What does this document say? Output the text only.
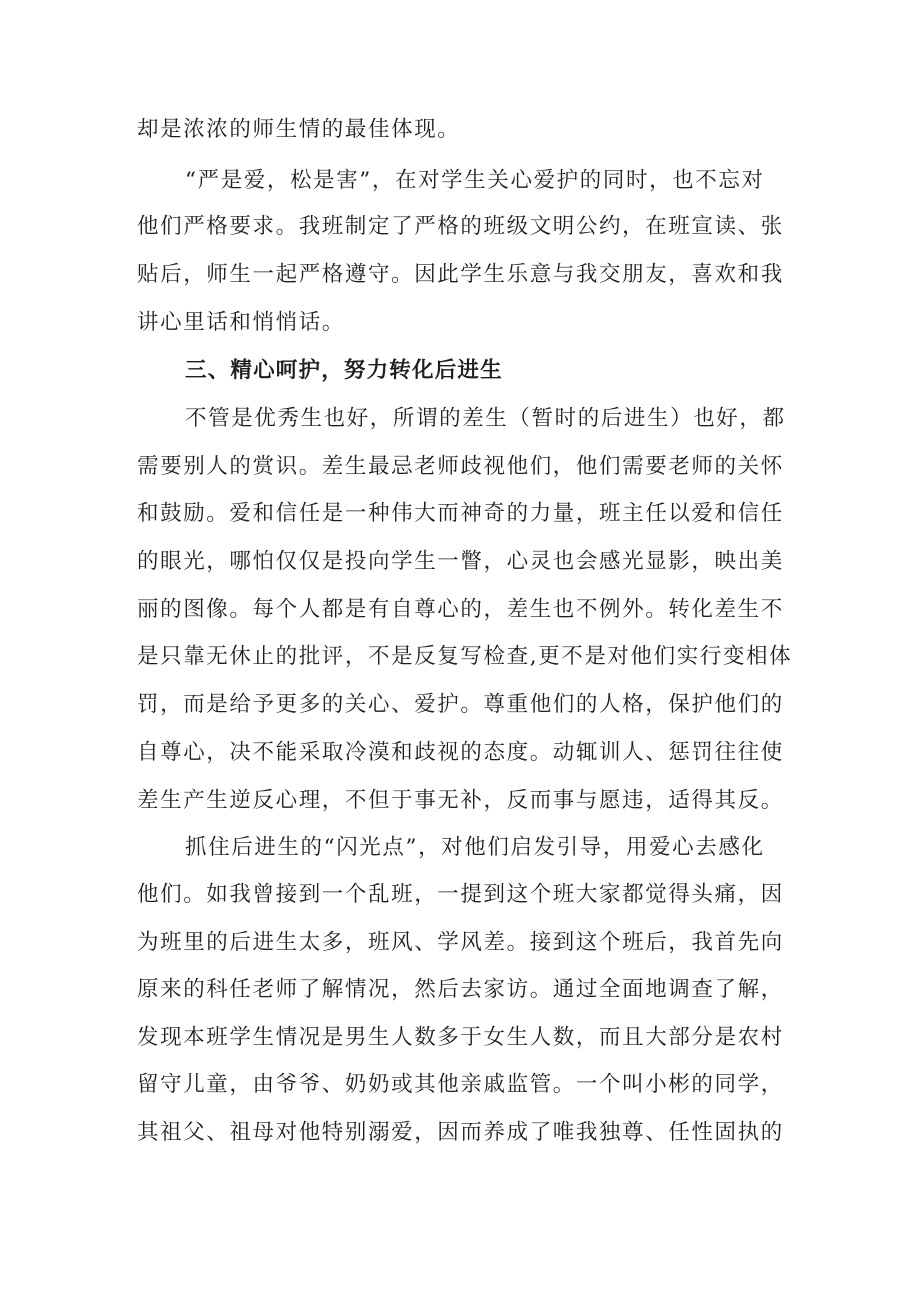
却是浓浓的师生情的最佳体现。
“严是爱，松是害”，在对学生关心爱护的同时，也不忘对
他们严格要求。我班制定了严格的班级文明公约，在班宣读、张
贴后，师生一起严格遵守。因此学生乐意与我交朋友，喜欢和我
讲心里话和悄悄话。
三、精心呵护，努力转化后进生
不管是优秀生也好，所谓的差生（暂时的后进生）也好，都
需要别人的赏识。差生最忌老师歧视他们，他们需要老师的关怀
和鼓励。爱和信任是一种伟大而神奇的力量，班主任以爱和信任
的眼光，哪怕仅仅是投向学生一瞥，心灵也会感光显影，映出美
丽的图像。每个人都是有自尊心的，差生也不例外。转化差生不
是只靠无休止的批评，不是反复写检查,更不是对他们实行变相体
罚，而是给予更多的关心、爱护。尊重他们的人格，保护他们的
自尊心，决不能采取冷漠和歧视的态度。动辄训人、惩罚往往使
差生产生逆反心理，不但于事无补，反而事与愿违，适得其反。
抓住后进生的“闪光点”，对他们启发引导，用爱心去感化
他们。如我曾接到一个乱班，一提到这个班大家都觉得头痛，因
为班里的后进生太多，班风、学风差。接到这个班后，我首先向
原来的科任老师了解情况，然后去家访。通过全面地调查了解，
发现本班学生情况是男生人数多于女生人数，而且大部分是农村
留守儿童，由爷爷、奶奶或其他亲戚监管。一个叫小彬的同学，
其祖父、祖母对他特别溺爱，因而养成了唯我独尊、任性固执的
